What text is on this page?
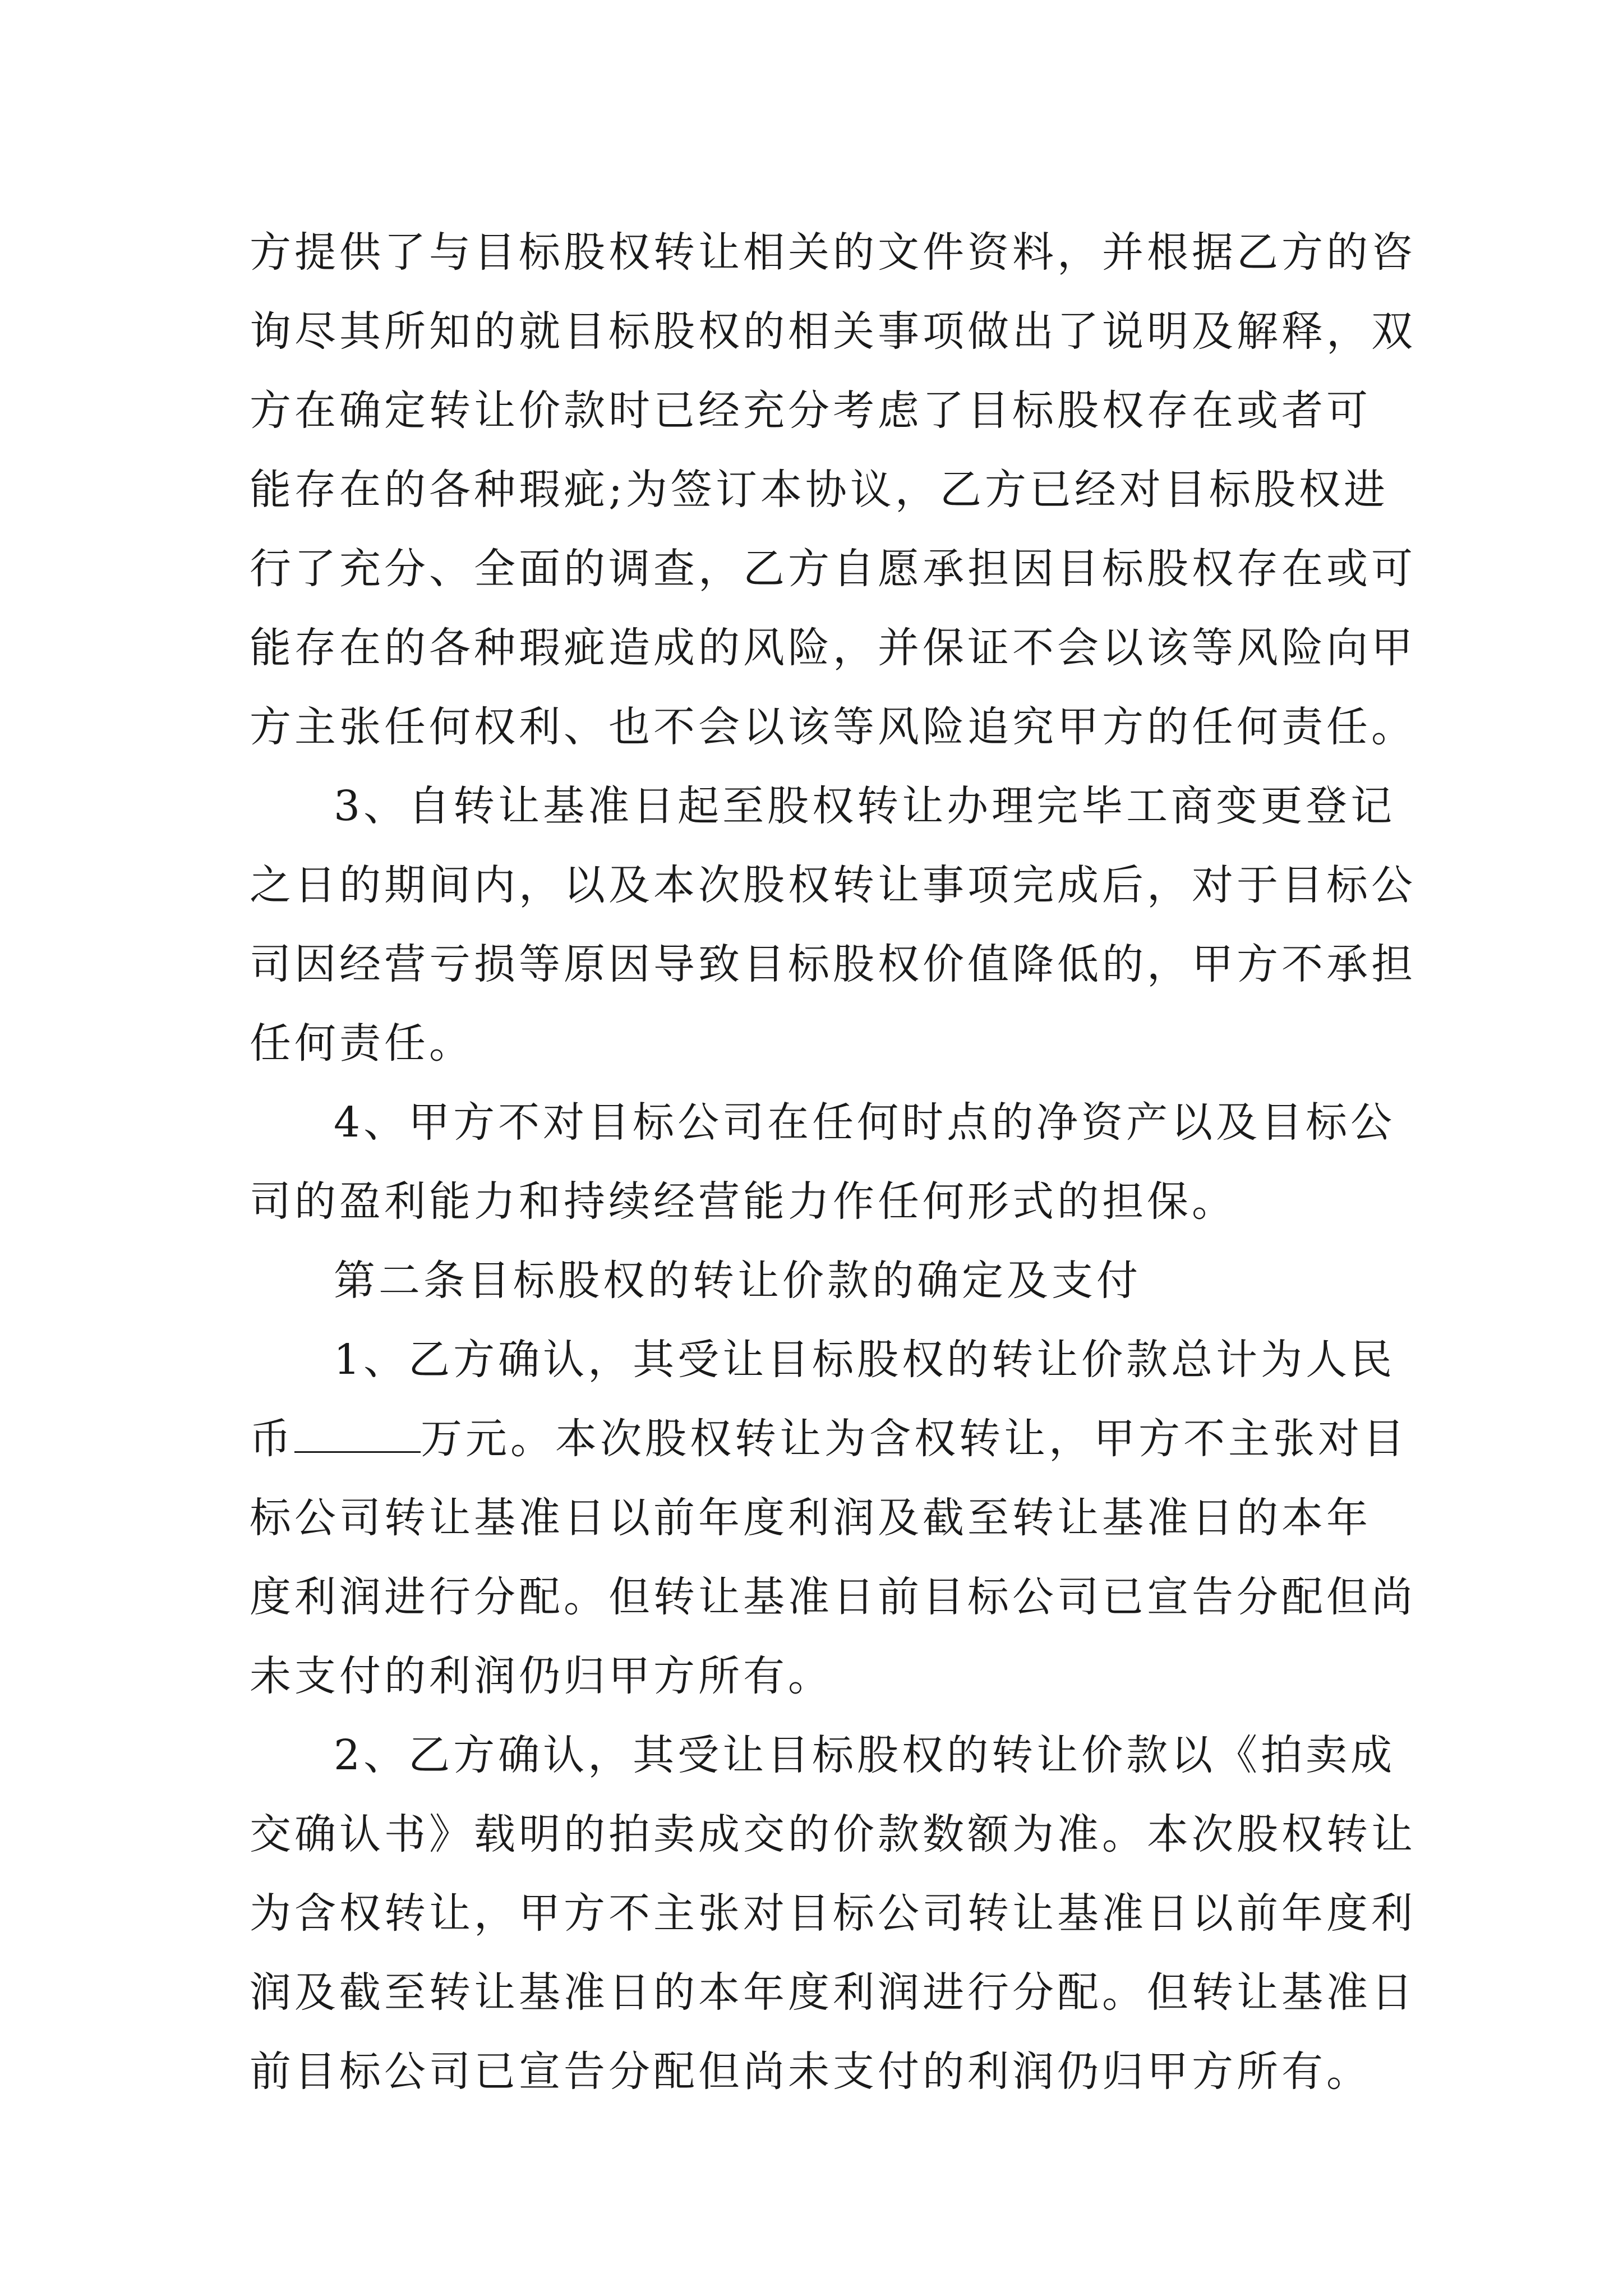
方提供了与目标股权转让相关的文件资料，并根据乙方的咨
询尽其所知的就目标股权的相关事项做出了说明及解释，双
方在确定转让价款时已经充分考虑了目标股权存在或者可
能存在的各种瑕疵;为签订本协议，乙方已经对目标股权进
行了充分、全面的调查，乙方自愿承担因目标股权存在或可
能存在的各种瑕疵造成的风险，并保证不会以该等风险向甲
方主张任何权利、也不会以该等风险追究甲方的任何责任。
3、自转让基准日起至股权转让办理完毕工商变更登记
之日的期间内，以及本次股权转让事项完成后，对于目标公
司因经营亏损等原因导致目标股权价值降低的，甲方不承担
任何责任。
4、甲方不对目标公司在任何时点的净资产以及目标公
司的盈利能力和持续经营能力作任何形式的担保。
第二条目标股权的转让价款的确定及支付
1、乙方确认，其受让目标股权的转让价款总计为人民
币	万元。本次股权转让为含权转让，甲方不主张对目
标公司转让基准日以前年度利润及截至转让基准日的本年
度利润进行分配。但转让基准日前目标公司已宣告分配但尚
未支付的利润仍归甲方所有。
2、乙方确认，其受让目标股权的转让价款以《拍卖成
交确认书》载明的拍卖成交的价款数额为准。本次股权转让
为含权转让，甲方不主张对目标公司转让基准日以前年度利
润及截至转让基准日的本年度利润进行分配。但转让基准日
前目标公司已宣告分配但尚未支付的利润仍归甲方所有。
